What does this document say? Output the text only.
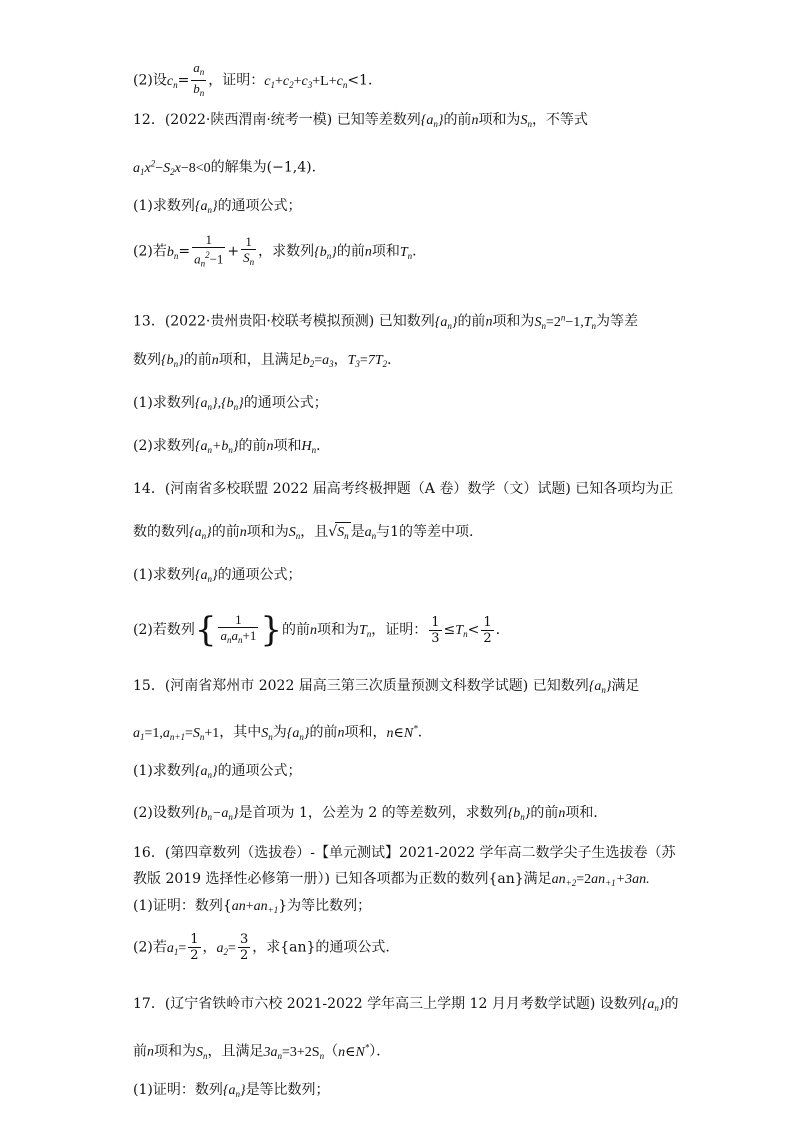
(2)设$c_n= \frac{a_n}{b_n}$ ，证明：$c_1+c_2+c_3+L+c_n<1$．
12．(2022·陕西渭南·统考一模) 已知等差数列$\{a_n\}$的前n项和为$S_n$，不等式
$a_1x^2-S_2x-8<0$的解集为(−1,4).
(1)求数列$\{a_n\}$的通项公式；
(2)若$b_n= \frac{1}{a_n^2-1} + \frac{1}{S_n}$ ，求数列$\{b_n\}$的前n项和$T_n$.
13．(2022·贵州贵阳·校联考模拟预测) 已知数列$\{a_n\}$的前n项和为$S_n=2^n-1,T_n$为等差
数列$\{b_n\}$的前n项和，且满足$b_2=a_3$，$T_3=7T_2$．
(1)求数列$\{a_n\},\{b_n\}$的通项公式；
(2)求数列$\{a_n+b_n\}$的前n项和$H_n$．
14．(河南省多校联盟 2022 届高考终极押题（A 卷）数学（文）试题) 已知各项均为正
数的数列$\{a_n\}$的前n项和为$S_n$，且$√S_n$ 是$a_n$与1的等差中项.
(1)求数列$\{a_n\}$的通项公式；
(2)若数列{ $\frac{1}{a_na_n+1}$ }的前n项和为$T_n$，证明： $\frac{1}{3} \le T_n< \frac{1}{2}$ .
15．(河南省郑州市 2022 届高三第三次质量预测文科数学试题) 已知数列$\{a_n\}$满足
$a_1=1,a_{n+1}=S_n+1$，其中$S_n$为$\{a_n\}$的前n项和，n∈N*．
(1)求数列$\{a_n\}$的通项公式；
(2)设数列$\{b_n-a_n\}$是首项为 1，公差为 2 的等差数列，求数列$\{b_n\}$的前n项和．
16．(第四章数列（选拔卷）-【单元测试】2021-2022 学年高二数学尖子生选拔卷（苏
教版 2019 选择性必修第一册）) 已知各项都为正数的数列{an}满足$an_{+2}=2an_{+1}+3an$.
(1)证明：数列$\{an+an_{+1}\}$为等比数列；
(2)若$a_1= \frac{1}{2}$ ，$a_2= \frac{3}{2}$ ，求{an}的通项公式.
17．(辽宁省铁岭市六校 2021-2022 学年高三上学期 12 月月考数学试题) 设数列$\{a_n\}$的
前n项和为$S_n$，且满足$3a_n=3+2S_n(n\in N^*)$．
(1)证明：数列$\{a_n\}$是等比数列；
